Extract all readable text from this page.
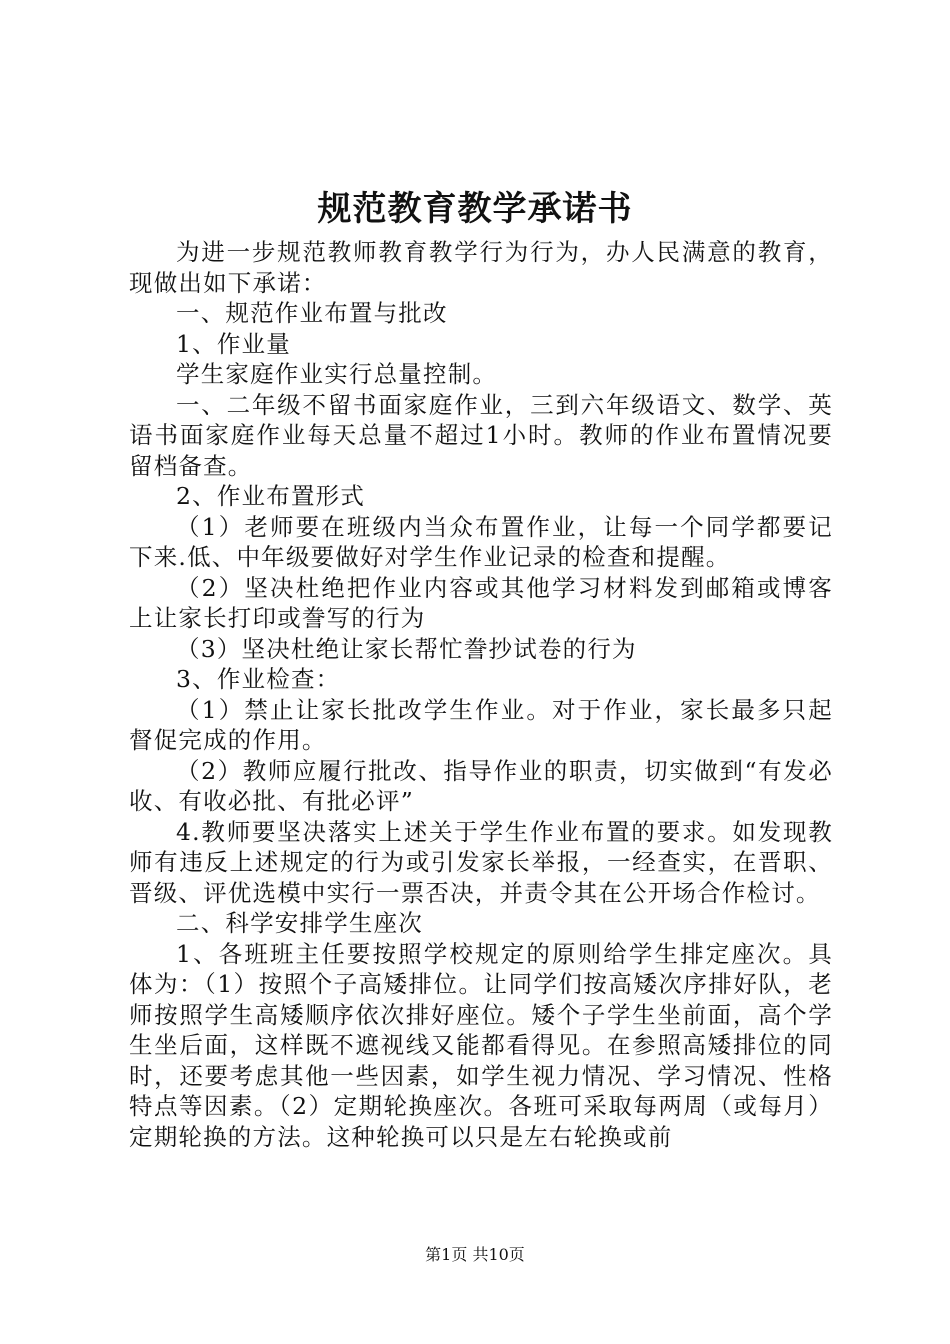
规范教育教学承诺书

为进一步规范教师教育教学行为行为，办人民满意的教育，现做出如下承诺：

一、规范作业布置与批改

1、作业量

学生家庭作业实行总量控制。

一、二年级不留书面家庭作业，三到六年级语文、数学、英语书面家庭作业每天总量不超过1小时。教师的作业布置情况要留档备查。

2、作业布置形式

（1）老师要在班级内当众布置作业，让每一个同学都要记下来.低、中年级要做好对学生作业记录的检查和提醒。

（2）坚决杜绝把作业内容或其他学习材料发到邮箱或博客上让家长打印或誊写的行为

（3）坚决杜绝让家长帮忙誊抄试卷的行为

3、作业检查：

（1）禁止让家长批改学生作业。对于作业，家长最多只起督促完成的作用。

（2）教师应履行批改、指导作业的职责，切实做到“有发必收、有收必批、有批必评”

4.教师要坚决落实上述关于学生作业布置的要求。如发现教师有违反上述规定的行为或引发家长举报，一经查实，在晋职、晋级、评优选模中实行一票否决，并责令其在公开场合作检讨。

二、科学安排学生座次

1、各班班主任要按照学校规定的原则给学生排定座次。具体为：（1）按照个子高矮排位。让同学们按高矮次序排好队，老师按照学生高矮顺序依次排好座位。矮个子学生坐前面，高个学生坐后面，这样既不遮视线又能都看得见。在参照高矮排位的同时，还要考虑其他一些因素，如学生视力情况、学习情况、性格特点等因素。（2）定期轮换座次。各班可采取每两周（或每月）定期轮换的方法。这种轮换可以只是左右轮换或前

第1页 共10页
